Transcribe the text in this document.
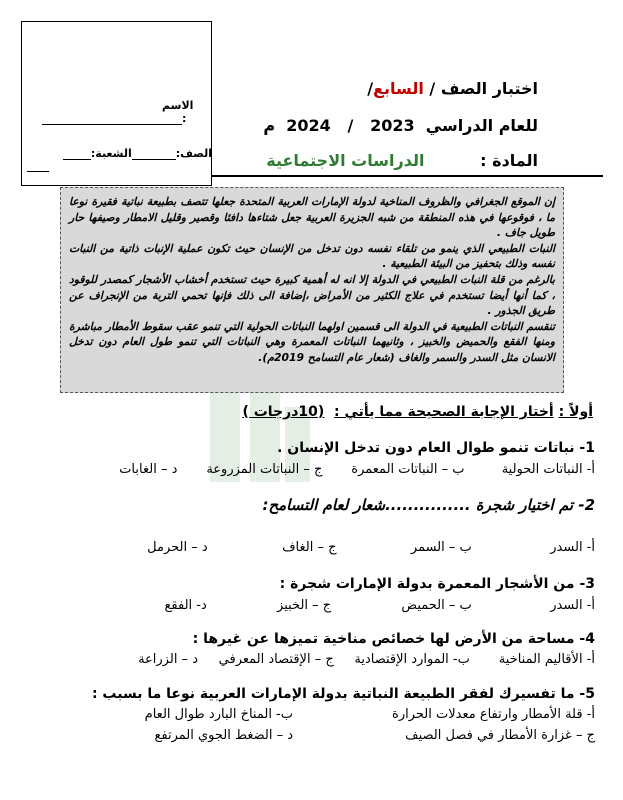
اختبار الصف / السابع/
للعام الدراسي  2023   /   2024  م
المادة :          الدراسات الاجتماعية
الاسم
:
الصف:الشعبة:

إن الموقع الجغرافي والظروف المناخية لدولة الإمارات العربية المتحدة جعلها تتصف بطبيعة نباتية فقيرة نوعا ما ، فوقوعها في هذه المنطقة من شبه الجزيرة العربية جعل شتاءها دافئا وقصير وقليل الامطار وصيفها حار طويل جاف .

النبات الطبيعي الذي ينمو من تلقاء نفسه دون تدخل من الإنسان حيث تكون عملية الإنبات ذاتية من النبات نفسه وذلك بتحفيز من البيئة الطبيعية .

بالرغم من قلة النبات الطبيعي في الدولة إلا انه له أهمية كبيرة حيث تستخدم أخشاب الأشجار كمصدر للوقود ، كما أنها أيضا تستخدم في علاج الكثير من الأمراض ،إضافة الى ذلك فإنها تحمي التربة من الإنجراف عن طريق الجذور .

تنقسم النباتات الطبيعية في الدولة الى قسمين اولهما النباتات الحولية التي تنمو عقب سقوط الأمطار مباشرة ومنها الفقع والحميض والخبيز ، وثانيهما النباتات المعمرة وهي النباتات التي تنمو طول العام دون تدخل الانسان مثل السدر والسمر والغاف (شعار عام التسامح 2019م).

أولاً : أختار الإجابة الصحيحة مما يأتي :  (10درجات )
1- نباتات تنمو طوال العام دون تدخل الإنسان .
أ- النباتات الحولية         ب – النباتات المعمرة       ج – النباتات المزروعة       د – الغابات
2- تم اختيار شجرة ...............شعار لعام التسامح:
أ- السدر                   ب – السمر                  ج – الغاف                  د – الحرمل
3- من الأشجار المعمرة بدولة الإمارات شجرة :
أ- السدر                   ب – الحميض                 ج – الخبيز                 د- الفقع
4- مساحة من الأرض لها خصائص مناخية تميزها عن غيرها :
أ- الأقاليم المناخية       ب- الموارد الإقتصادية     ج – الإقتصاد المعرفي     د – الزراعة
5- ما تفسيرك لفقر الطبيعة النباتية بدولة الإمارات العربية نوعا ما بسبب :
أ- قلة الأمطار وارتفاع معدلات الحرارة
ب- المناخ البارد طوال العام
ج – غزارة الأمطار في فصل الصيف
د – الضغط الجوي المرتفع
